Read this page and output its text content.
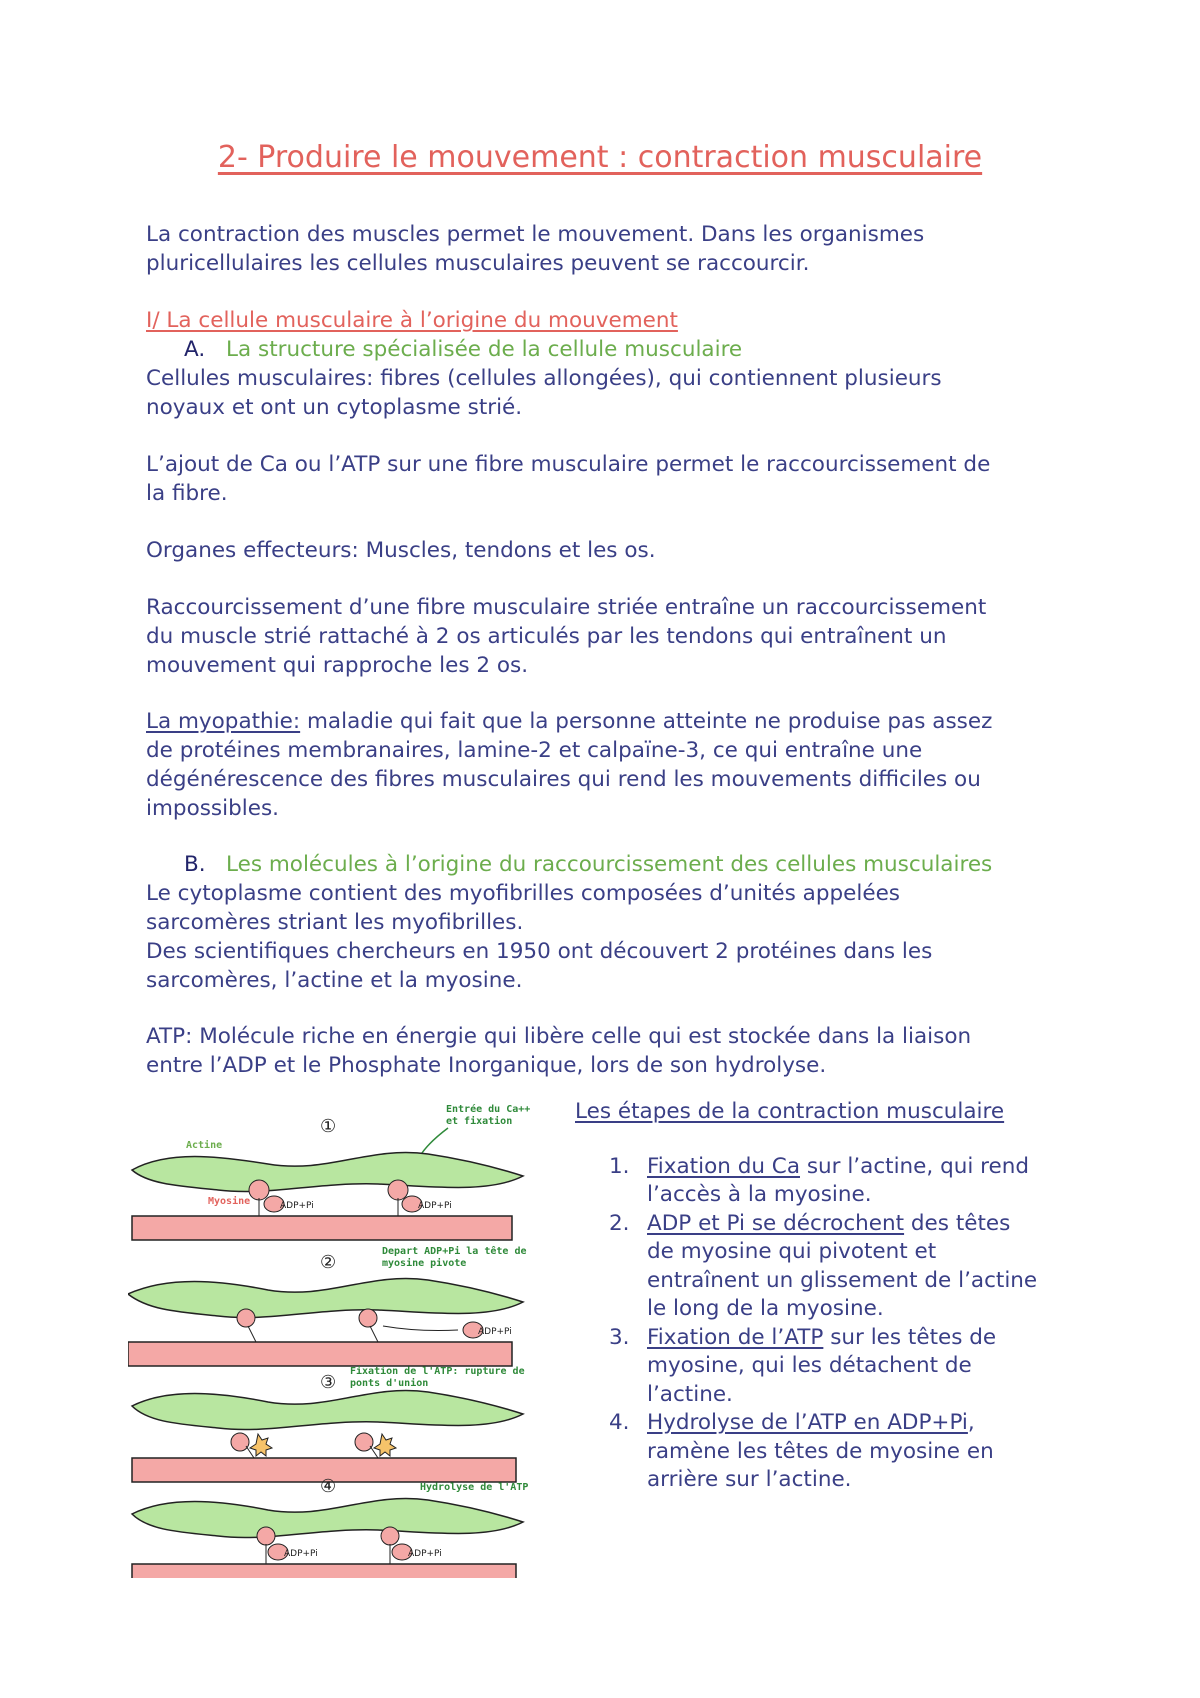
2- Produire le mouvement : contraction musculaire

La contraction des muscles permet le mouvement. Dans les organismes

pluricellulaires les cellules musculaires peuvent se raccourcir.

I/ La cellule musculaire à l’origine du mouvement

A. La structure spécialisée de la cellule musculaire

Cellules musculaires: fibres (cellules allongées), qui contiennent plusieurs

noyaux et ont un cytoplasme strié.

L’ajout de Ca ou l’ATP sur une fibre musculaire permet le raccourcissement de

la fibre.

Organes effecteurs: Muscles, tendons et les os.

Raccourcissement d’une fibre musculaire striée entraîne un raccourcissement

du muscle strié rattaché à 2 os articulés par les tendons qui entraînent un

mouvement qui rapproche les 2 os.

La myopathie: maladie qui fait que la personne atteinte ne produise pas assez

de protéines membranaires, lamine-2 et calpaïne-3, ce qui entraîne une

dégénérescence des fibres musculaires qui rend les mouvements difficiles ou

impossibles.

B. Les molécules à l’origine du raccourcissement des cellules musculaires

Le cytoplasme contient des myofibrilles composées d’unités appelées

sarcomères striant les myofibrilles.

Des scientifiques chercheurs en 1950 ont découvert 2 protéines dans les

sarcomères, l’actine et la myosine.

ATP: Molécule riche en énergie qui libère celle qui est stockée dans la liaison

entre l’ADP et le Phosphate Inorganique, lors de son hydrolyse.

①
Entrée du Ca++
et fixation
Actine
Myosine	ADP+Pi	ADP+Pi
②
Depart ADP+Pi la tête de
myosine pivote
ADP+Pi
③
Fixation de l'ATP: rupture de
ponts d'union
④	Hydrolyse de l'ATP
ADP+Pi	ADP+Pi
Les étapes de la contraction musculaire
1. Fixation du Ca sur l’actine, qui rend
l’accès à la myosine.
2. ADP et Pi se décrochent des têtes
de myosine qui pivotent et
entraînent un glissement de l’actine
le long de la myosine.
3. Fixation de l’ATP sur les têtes de
myosine, qui les détachent de
l’actine.
4. Hydrolyse de l’ATP en ADP+Pi,
ramène les têtes de myosine en
arrière sur l’actine.
